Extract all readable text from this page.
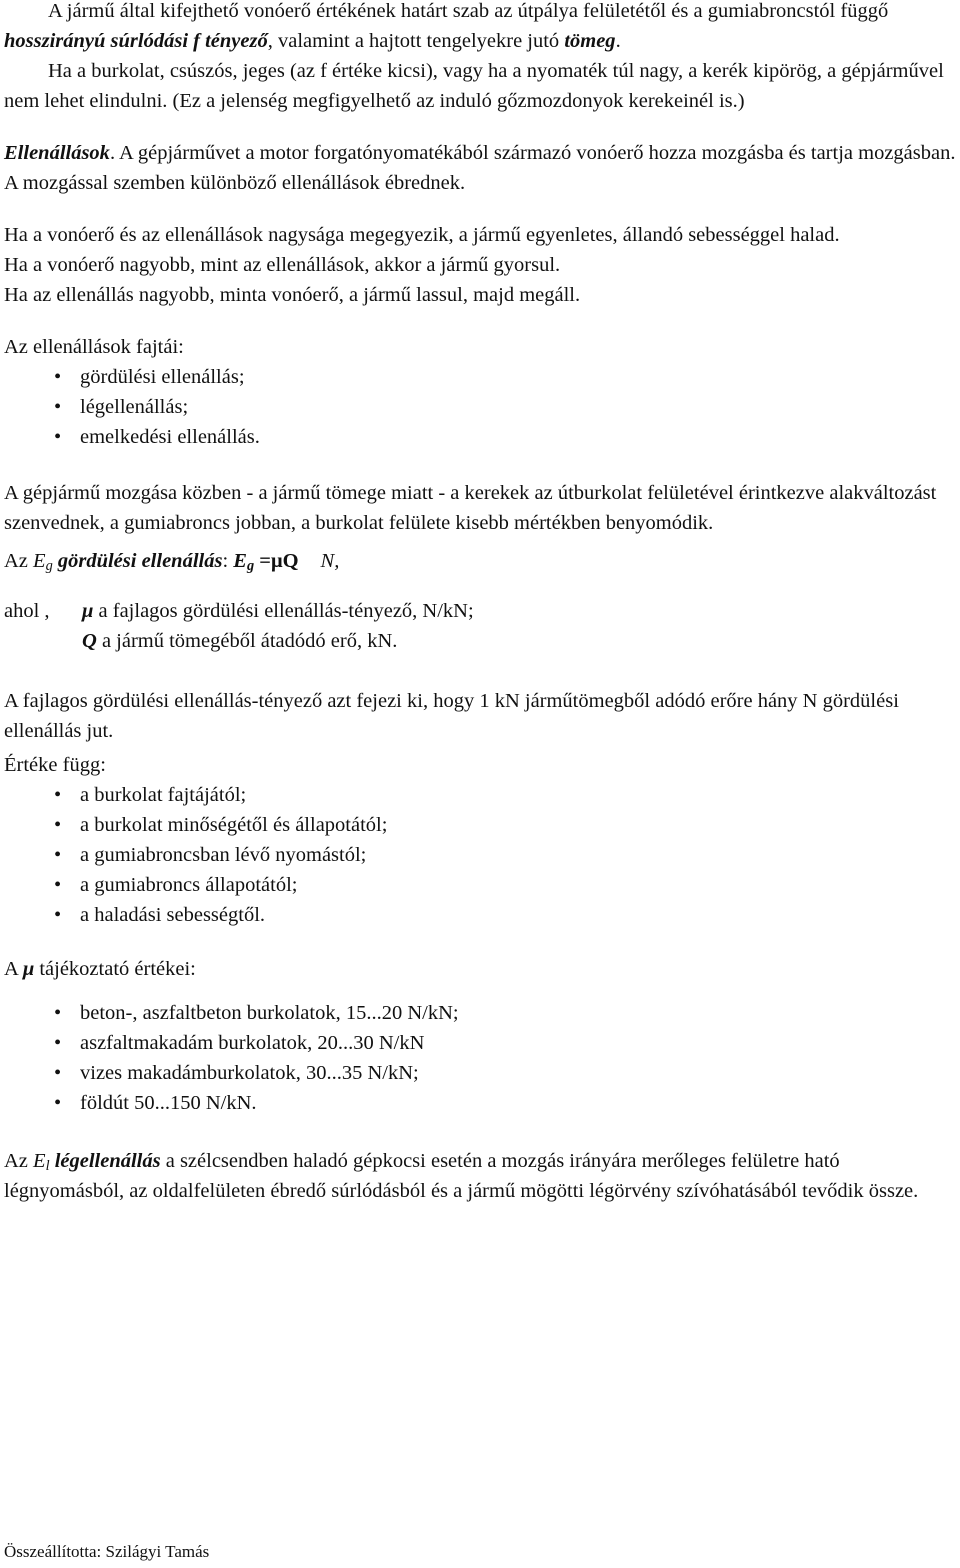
A jármű által kifejthető vonóerő értékének határt szab az útpálya felületétől és a gumiabroncstól függő hosszirányú súrlódási f tényező, valamint a hajtott tengelyekre jutó tömeg.

Ha a burkolat, csúszós, jeges (az f értéke kicsi), vagy ha a nyomaték túl nagy, a kerék kipörög, a gépjárművel nem lehet elindulni. (Ez a jelenség megfigyelhető az induló gőzmozdonyok kerekeinél is.)

Ellenállások. A gépjárművet a motor forgatónyomatékából származó vonóerő hozza mozgásba és tartja mozgásban. A mozgással szemben különböző ellenállások ébrednek.

Ha a vonóerő és az ellenállások nagysága megegyezik, a jármű egyenletes, állandó sebességgel halad.

Ha a vonóerő nagyobb, mint az ellenállások, akkor a jármű gyorsul.

Ha az ellenállás nagyobb, minta vonóerő, a jármű lassul, majd megáll.

Az ellenállások fajtái:

• gördülési ellenállás;
• légellenállás;
• emelkedési ellenállás.

A gépjármű mozgása közben - a jármű tömege miatt - a kerekek az útburkolat felületével érintkezve alakváltozást szenvednek, a gumiabroncs jobban, a burkolat felülete kisebb mértékben benyomódik.

Az $E_g$ gördülési ellenállás: $E_g =\mu Q$ N,

ahol ,	μ a fajlagos gördülési ellenállás-tényező, N/kN;
Q a jármű tömegéből átadódó erő, kN.

A fajlagos gördülési ellenállás-tényező azt fejezi ki, hogy 1 kN járműtömegből adódó erőre hány N gördülési ellenállás jut.

Értéke függ:

• a burkolat fajtájától;
• a burkolat minőségétől és állapotától;
• a gumiabroncsban lévő nyomástól;
• a gumiabroncs állapotától;
• a haladási sebességtől.

A μ tájékoztató értékei:

• beton-, aszfaltbeton burkolatok, 15...20 N/kN;
• aszfaltmakadám burkolatok, 20...30 N/kN
• vizes makadámburkolatok, 30...35 N/kN;
• földút 50...150 N/kN.

Az $E_l$ légellenállás a szélcsendben haladó gépkocsi esetén a mozgás irányára merőleges felületre ható légnyomásból, az oldalfelületen ébredő súrlódásból és a jármű mögötti légörvény szívóhatásából tevődik össze.

Összeállította: Szilágyi Tamás
